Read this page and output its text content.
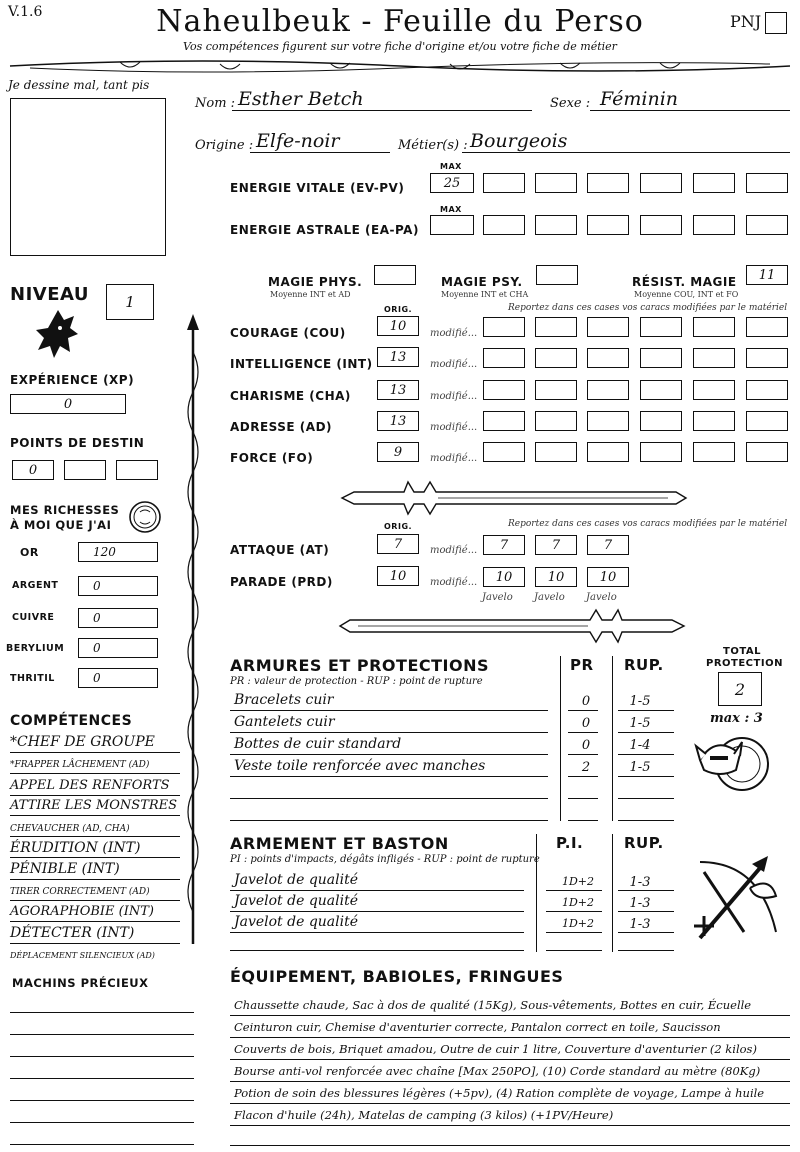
V.1.6	Naheulbeuk - Feuille du Perso
Vos compétences figurent sur votre fiche d'origine et/ou votre fiche de métier
PNJ
Je dessine mal, tant pis
Nom : Esther Betch	Sexe : Féminin
Origine : Elfe-noir	Métier(s) : Bourgeois
MAX
ENERGIE VITALE (EV-PV)	25
MAX
ENERGIE ASTRALE (EA-PA)
MAGIE PHYS.
Moyenne INT et AD
MAGIE PSY.
Moyenne INT et CHA
RÉSIST. MAGIE
Moyenne COU, INT et FO
11
NIVEAU	1
EXPÉRIENCE (XP)
0
POINTS DE DESTIN
0
MES RICHESSES
À MOI QUE J'AI
OR	120
ARGENT	0
CUIVRE	0
BERYLIUM	0
THRITIL	0
COMPÉTENCES
*CHEF DE GROUPE
*FRAPPER LÂCHEMENT (AD)
APPEL DES RENFORTS
ATTIRE LES MONSTRES
CHEVAUCHER (AD, CHA)
ÉRUDITION (INT)
PÉNIBLE (INT)
TIRER CORRECTEMENT (AD)
AGORAPHOBIE (INT)
DÉTECTER (INT)
DÉPLACEMENT SILENCIEUX (AD)
MACHINS PRÉCIEUX
ORIG.	Reportez dans ces cases vos caracs modifiées par le matériel
COURAGE (COU)	10	modifié...
INTELLIGENCE (INT)	13	modifié...
CHARISME (CHA)	13	modifié...
ADRESSE (AD)	13	modifié...
FORCE (FO)	9	modifié...
ORIG.	Reportez dans ces cases vos caracs modifiées par le matériel
ATTAQUE (AT)	7	modifié...	7	7	7
PARADE (PRD)	10	modifié...	10	10	10
Javelo Javelo Javelo
ARMURES ET PROTECTIONS
PR : valeur de protection - RUP : point de rupture
PR RUP.
Bracelets cuir	0	1-5
Gantelets cuir	0	1-5
Bottes de cuir standard	0	1-4
Veste toile renforcée avec manches	2	1-5
TOTAL
PROTECTION
2
max : 3
ARMEMENT ET BASTON
PI : points d'impacts, dégâts infligés - RUP : point de rupture
P.I.	RUP.
Javelot de qualité	1D+2	1-3
Javelot de qualité	1D+2	1-3
Javelot de qualité	1D+2	1-3
ÉQUIPEMENT, BABIOLES, FRINGUES
Chaussette chaude, Sac à dos de qualité (15Kg), Sous-vêtements, Bottes en cuir, Écuelle
Ceinturon cuir, Chemise d'aventurier correcte, Pantalon correct en toile, Saucisson
Couverts de bois, Briquet amadou, Outre de cuir 1 litre, Couverture d'aventurier (2 kilos)
Bourse anti-vol renforcée avec chaîne [Max 250PO], (10) Corde standard au mètre (80Kg)
Potion de soin des blessures légères (+5pv), (4) Ration complète de voyage, Lampe à huile
Flacon d'huile (24h), Matelas de camping (3 kilos) (+1PV/Heure)
